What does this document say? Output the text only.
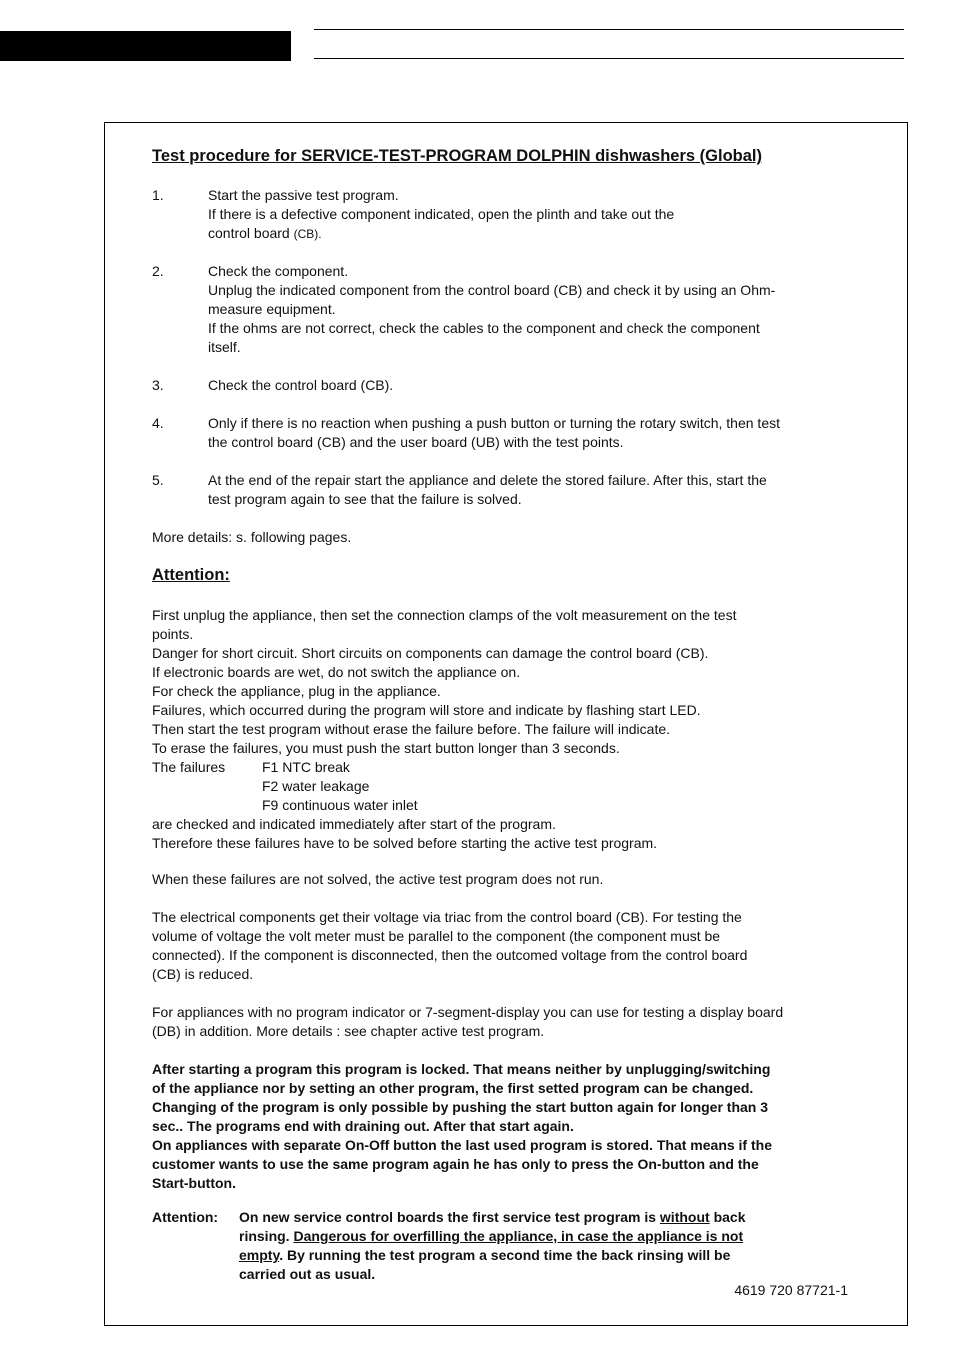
Test procedure for SERVICE-TEST-PROGRAM DOLPHIN dishwashers (Global)
1.	Start the passive test program.
If there is a defective component indicated, open the plinth and take out the
control board (CB).
2.	Check the component.
Unplug the indicated component from the control board (CB) and check it by using an Ohm-
measure equipment.
If the ohms are not correct, check the cables to the component and check the component
itself.
3.	Check the control board (CB).
4.	Only if there is no reaction when pushing a push button or turning the rotary switch, then test
the control board (CB) and the user board (UB) with the test points.
5.	At the end of the repair start the appliance and delete the stored failure. After this, start the
test program again to see that the failure is solved.
More details: s. following pages.
Attention:
First unplug the appliance, then set the connection clamps of the volt measurement on the test
points.
Danger for short circuit. Short circuits on components can damage the control board (CB).
If electronic boards are wet, do not switch the appliance on.
For check the appliance, plug in the appliance.
Failures, which occurred during the program will store and indicate by flashing start LED.
Then start the test program without erase the failure before. The failure will indicate.
To erase the failures, you must push the start button longer than 3 seconds.
The failures	F1 NTC break
F2 water leakage
F9 continuous water inlet
are checked and indicated immediately after start of the program.
Therefore these failures have to be solved before starting the active test program.
When these failures are not solved, the active test program does not run.
The electrical components get their voltage via triac from the control board (CB). For testing the
volume of voltage the volt meter must be parallel to the component (the component must be
connected). If the component is disconnected, then the outcomed voltage from the control board
(CB) is reduced.
For appliances with no program indicator or 7-segment-display you can use for testing a display board
(DB) in addition. More details : see chapter active test program.
After starting a program this program is locked. That means neither by unplugging/switching
of the appliance nor by setting an other program, the first setted program can be changed.
Changing of the program is only possible by pushing the start button again for longer than 3
sec.. The programs end with draining out. After that start again.
On appliances with separate On-Off button the last used program is stored. That means if the
customer wants to use the same program again he has only to press the On-button and the
Start-button.
Attention: On new service control boards the first service test program is without back
rinsing. Dangerous for overfilling the appliance, in case the appliance is not
empty. By running the test program a second time the back rinsing will be
carried out as usual.
4619 720 87721-1
